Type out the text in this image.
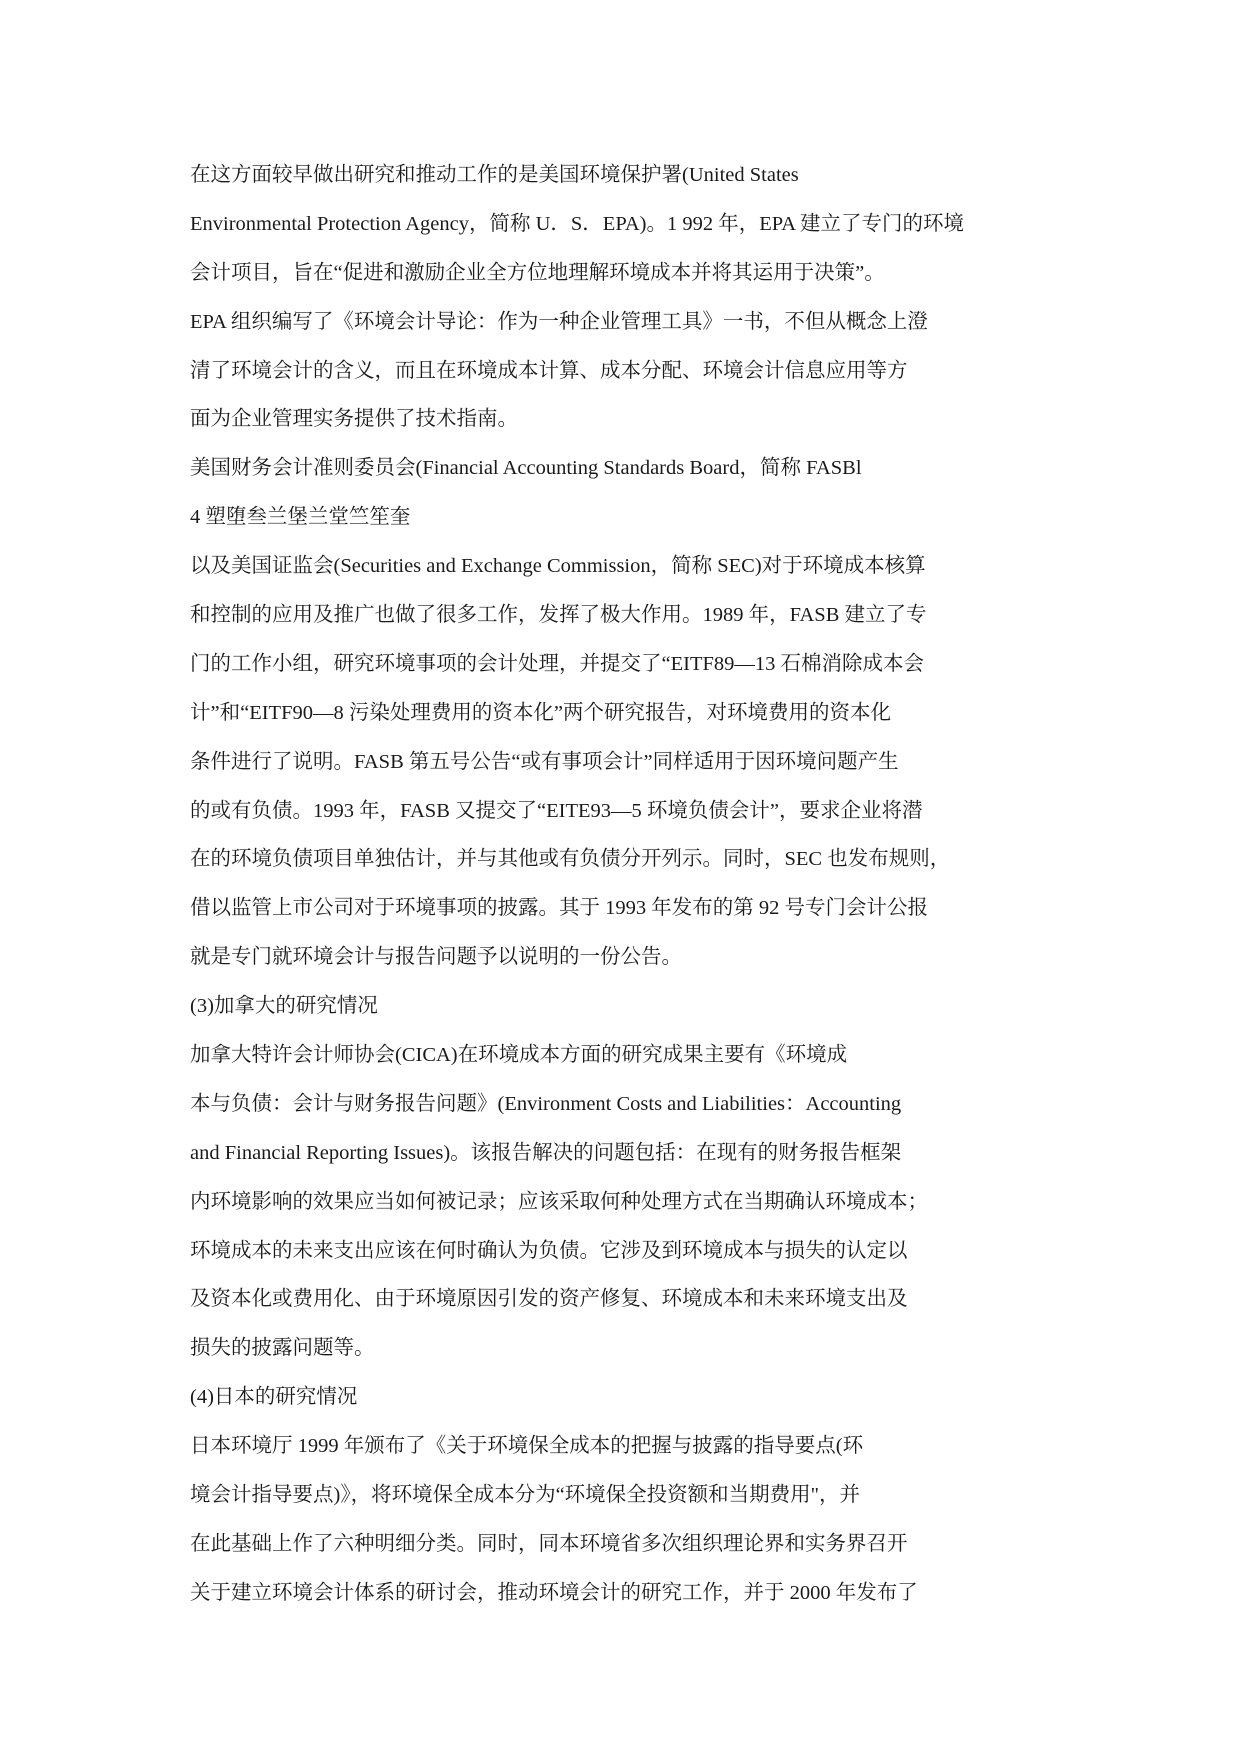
在这方面较早做出研究和推动工作的是美国环境保护署(United States
Environmental Protection Agency，简称 U．S．EPA)。1 992 年，EPA 建立了专门的环境
会计项目，旨在“促进和激励企业全方位地理解环境成本并将其运用于决策”。
EPA 组织编写了《环境会计导论：作为一种企业管理工具》一书，不但从概念上澄
清了环境会计的含义，而且在环境成本计算、成本分配、环境会计信息应用等方
面为企业管理实务提供了技术指南。
美国财务会计准则委员会(Financial Accounting Standards Board，简称 FASBl
4 塑堕叁兰堡兰堂竺笙奎
以及美国证监会(Securities and Exchange Commission，简称 SEC)对于环境成本核算
和控制的应用及推广也做了很多工作，发挥了极大作用。1989 年，FASB 建立了专
门的工作小组，研究环境事项的会计处理，并提交了“EITF89—13 石棉消除成本会
计”和“EITF90—8 污染处理费用的资本化”两个研究报告，对环境费用的资本化
条件进行了说明。FASB 第五号公告“或有事项会计”同样适用于因环境问题产生
的或有负债。1993 年，FASB 又提交了“EITE93—5 环境负债会计”，要求企业将潜
在的环境负债项目单独估计，并与其他或有负债分开列示。同时，SEC 也发布规则，
借以监管上市公司对于环境事项的披露。其于 1993 年发布的第 92 号专门会计公报
就是专门就环境会计与报告问题予以说明的一份公告。
(3)加拿大的研究情况
加拿大特许会计师协会(CICA)在环境成本方面的研究成果主要有《环境成
本与负债：会计与财务报告问题》(Environment Costs and Liabilities：Accounting
and Financial Reporting Issues)。该报告解决的问题包括：在现有的财务报告框架
内环境影响的效果应当如何被记录；应该采取何种处理方式在当期确认环境成本；
环境成本的未来支出应该在何时确认为负债。它涉及到环境成本与损失的认定以
及资本化或费用化、由于环境原因引发的资产修复、环境成本和未来环境支出及
损失的披露问题等。
(4)日本的研究情况
日本环境厅 1999 年颁布了《关于环境保全成本的把握与披露的指导要点(环
境会计指导要点)》，将环境保全成本分为“环境保全投资额和当期费用"，并
在此基础上作了六种明细分类。同时，同本环境省多次组织理论界和实务界召开
关于建立环境会计体系的研讨会，推动环境会计的研究工作，并于 2000 年发布了
